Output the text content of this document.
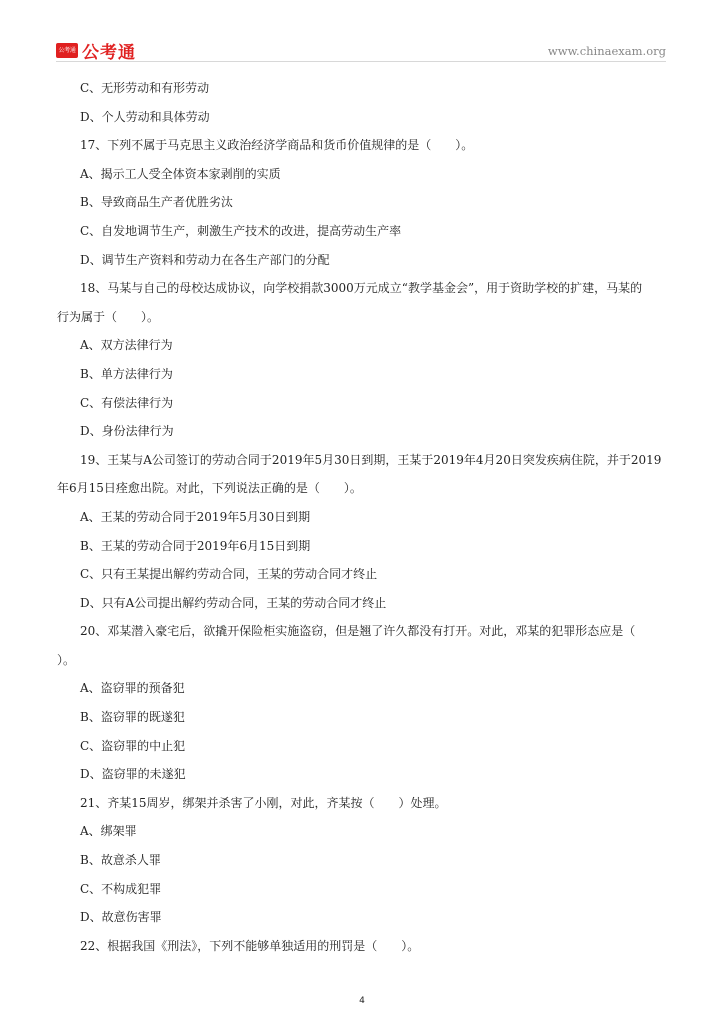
公考通 公考通	www.chinaexam.org
C、无形劳动和有形劳动
D、个人劳动和具体劳动
17、下列不属于马克思主义政治经济学商品和货币价值规律的是（　　）。
A、揭示工人受全体资本家剥削的实质
B、导致商品生产者优胜劣汰
C、自发地调节生产，刺激生产技术的改进，提高劳动生产率
D、调节生产资料和劳动力在各生产部门的分配
18、马某与自己的母校达成协议，向学校捐款3000万元成立“教学基金会”，用于资助学校的扩建，马某的
行为属于（　　）。
A、双方法律行为
B、单方法律行为
C、有偿法律行为
D、身份法律行为
19、王某与A公司签订的劳动合同于2019年5月30日到期，王某于2019年4月20日突发疾病住院，并于2019
年6月15日痊愈出院。对此，下列说法正确的是（　　）。
A、王某的劳动合同于2019年5月30日到期
B、王某的劳动合同于2019年6月15日到期
C、只有王某提出解约劳动合同，王某的劳动合同才终止
D、只有A公司提出解约劳动合同，王某的劳动合同才终止
20、邓某潜入豪宅后，欲撬开保险柜实施盗窃，但是翘了许久都没有打开。对此，邓某的犯罪形态应是（
）。
A、盗窃罪的预备犯
B、盗窃罪的既遂犯
C、盗窃罪的中止犯
D、盗窃罪的未遂犯
21、齐某15周岁，绑架并杀害了小刚，对此，齐某按（　　）处理。
A、绑架罪
B、故意杀人罪
C、不构成犯罪
D、故意伤害罪
22、根据我国《刑法》，下列不能够单独适用的刑罚是（　　）。
4
